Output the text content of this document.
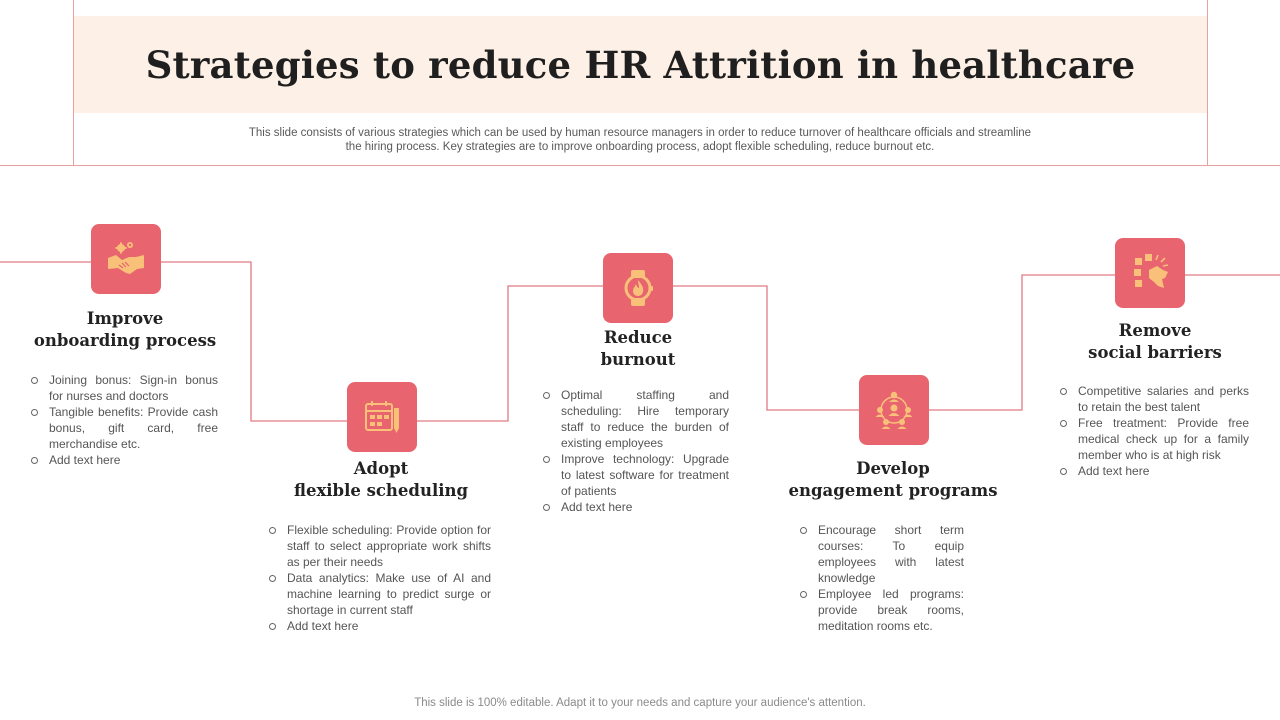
Strategies to reduce HR Attrition in healthcare

This slide consists of various strategies which can be used by human resource managers in order to reduce turnover of healthcare officials and streamline
the hiring process. Key strategies are to improve onboarding process, adopt flexible scheduling, reduce burnout etc.

Improve
onboarding process
Joining bonus: Sign-in bonus for nurses and doctors
Tangible benefits: Provide cash bonus, gift card, free merchandise etc.
Add text here	Adopt
flexible scheduling
Flexible scheduling: Provide option for staff to select appropriate work shifts as per their needs
Data analytics: Make use of AI and machine learning to predict surge or shortage in current staff
Add text here
Reduce
burnout
Optimal staffing and scheduling: Hire temporary staff to reduce the burden of existing employees
Improve technology: Upgrade to latest software for treatment of patients
Add text here
Develop
engagement programs
Encourage short term courses: To equip employees with latest knowledge
Employee led programs: provide break rooms, meditation rooms etc.
Remove
social barriers
Competitive salaries and perks to retain the best talent
Free treatment: Provide free medical check up for a family member who is at high risk
Add text here

This slide is 100% editable. Adapt it to your needs and capture your audience's attention.
